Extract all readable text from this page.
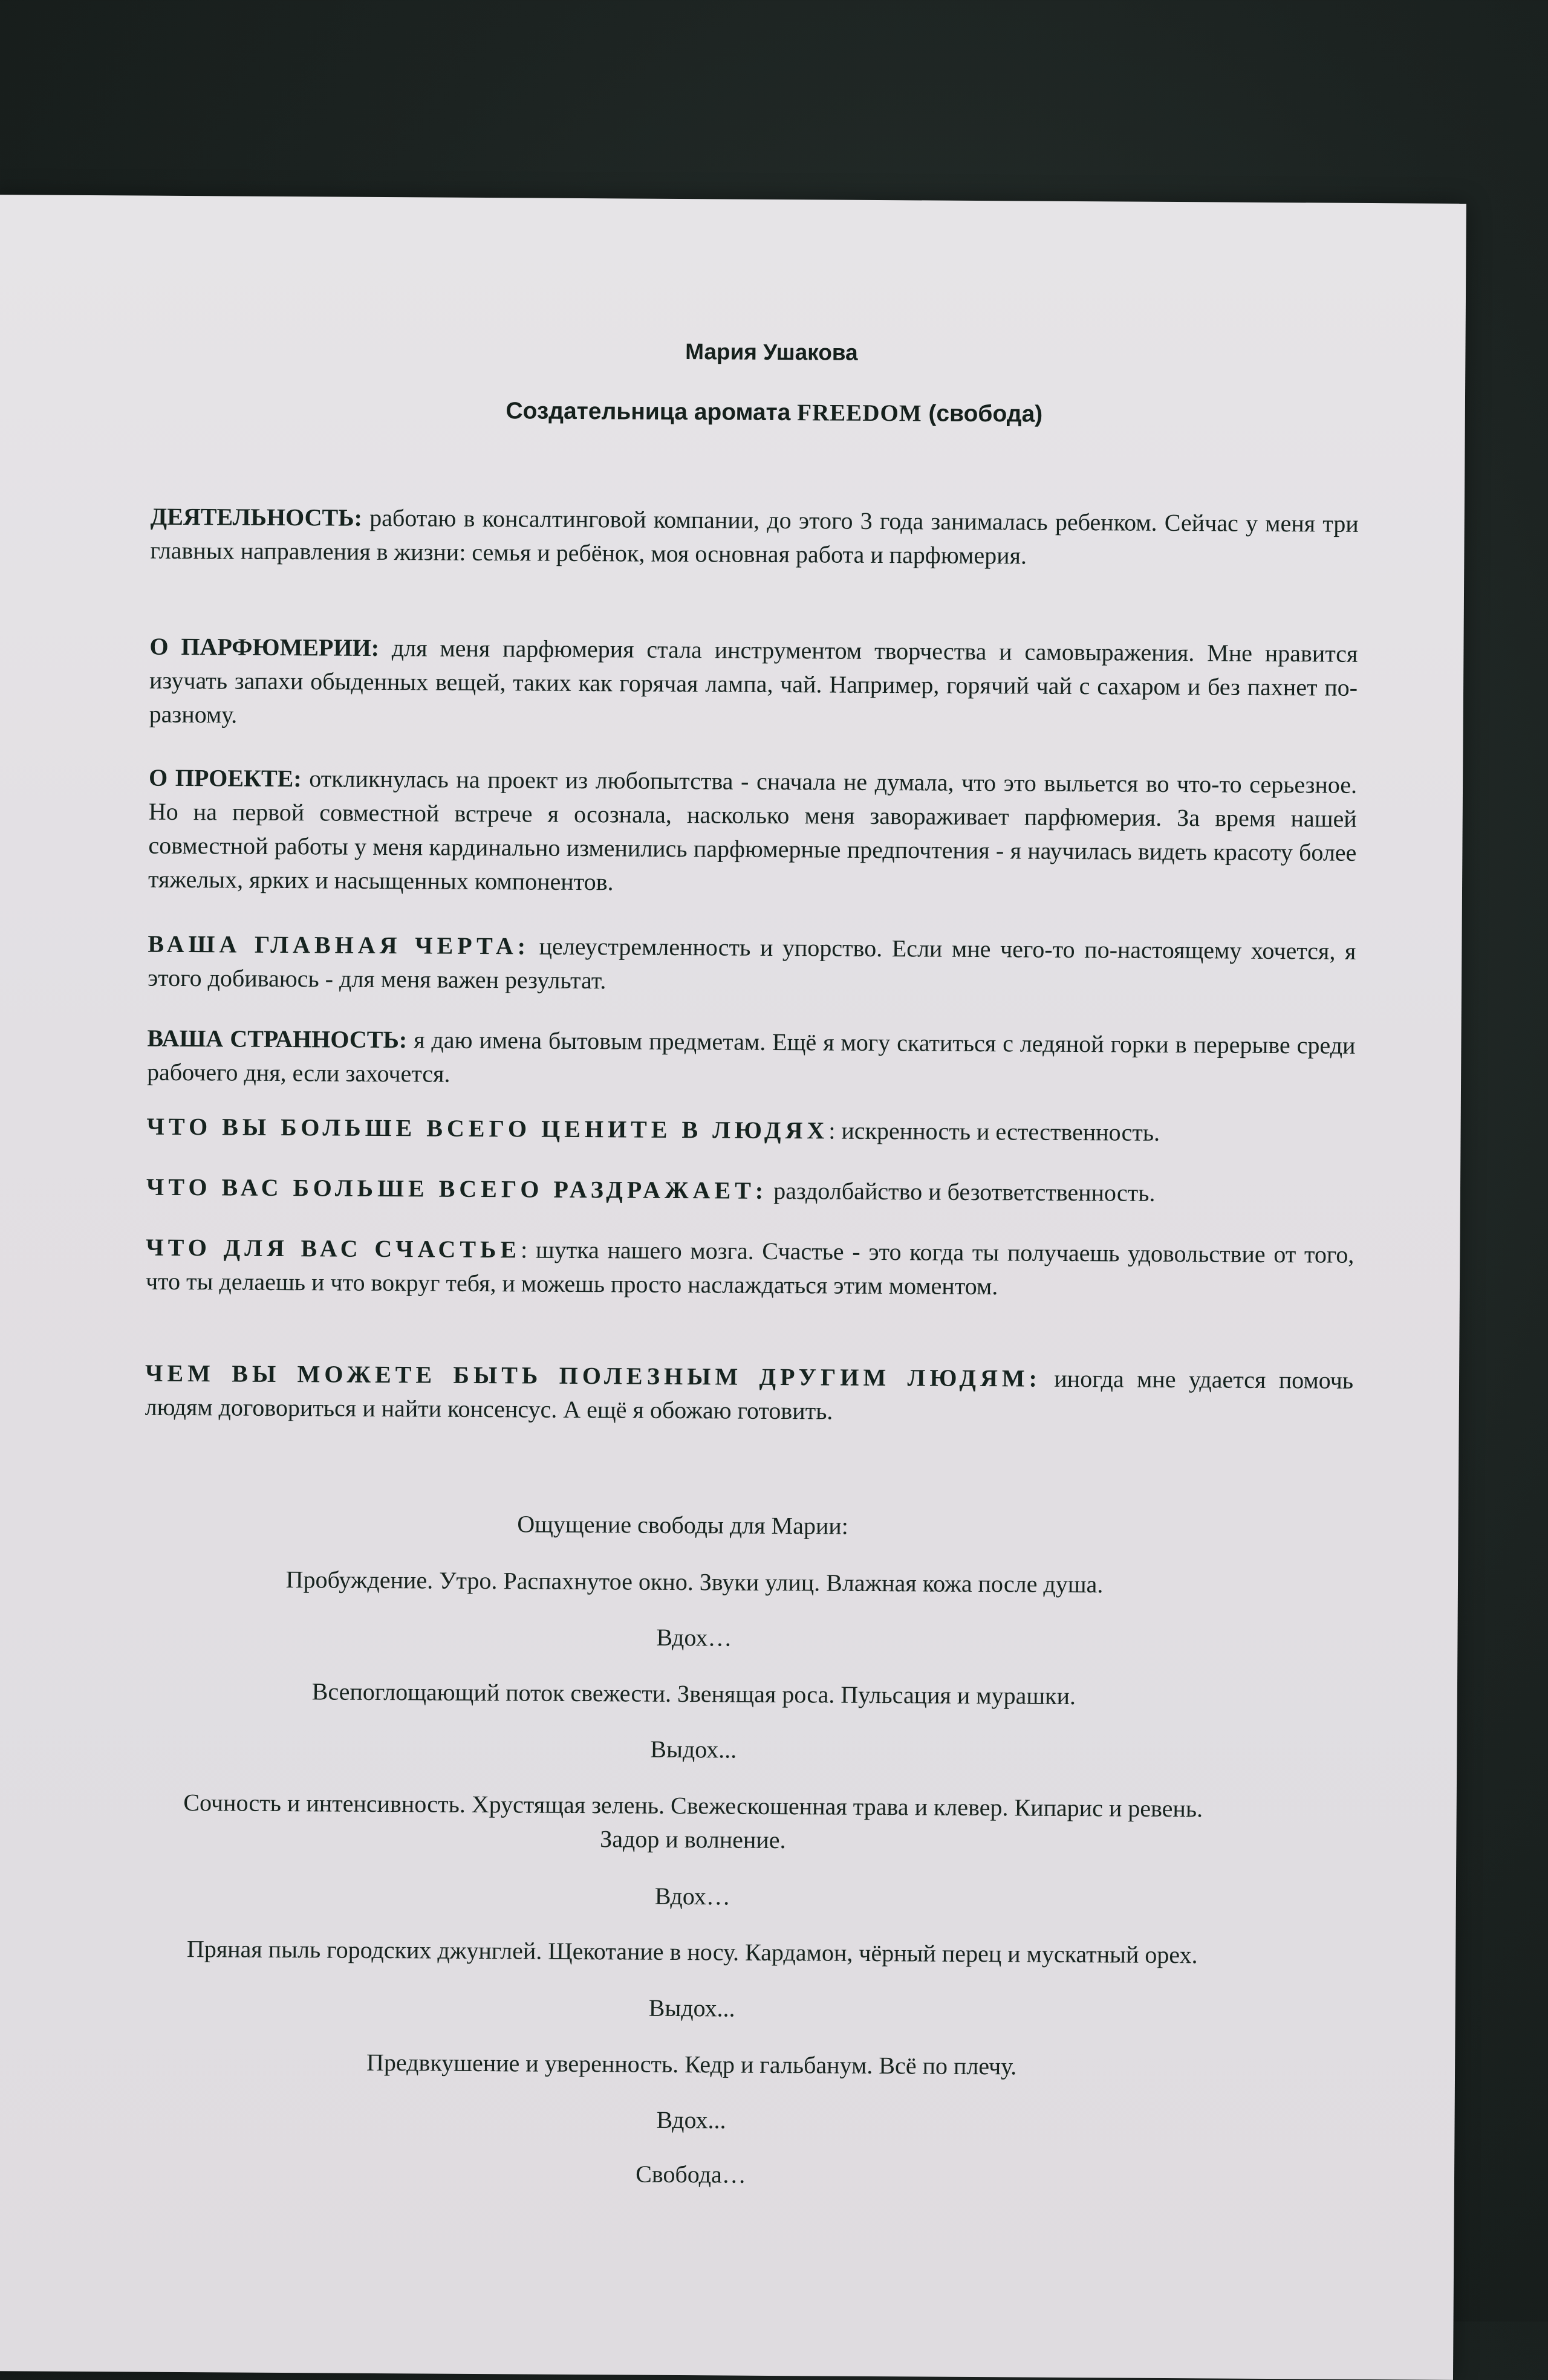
Мария Ушакова
Создательница аромата FREEDOM (свобода)
ДЕЯТЕЛЬНОСТЬ: работаю в консалтинговой компании, до этого 3 года занималась ребенком. Сейчас у меня три главных направления в жизни: семья и ребёнок, моя основная работа и парфюмерия.
О ПАРФЮМЕРИИ: для меня парфюмерия стала инструментом творчества и самовыражения. Мне нравится изучать запахи обыденных вещей, таких как горячая лампа, чай. Например, горячий чай с сахаром и без пахнет по-разному.
О ПРОЕКТЕ: откликнулась на проект из любопытства - сначала не думала, что это выльется во что-то серьезное. Но на первой совместной встрече я осознала, насколько меня завораживает парфюмерия. За время нашей совместной работы у меня кардинально изменились парфюмерные предпочтения - я научилась видеть красоту более тяжелых, ярких и насыщенных компонентов.
ВАША ГЛАВНАЯ ЧЕРТА: целеустремленность и упорство. Если мне чего-то по-настоящему хочется, я этого добиваюсь - для меня важен результат.
ВАША СТРАННОСТЬ: я даю имена бытовым предметам. Ещё я могу скатиться с ледяной горки в перерыве среди рабочего дня, если захочется.
ЧТО ВЫ БОЛЬШЕ ВСЕГО ЦЕНИТЕ В ЛЮДЯХ: искренность и естественность.
ЧТО ВАС БОЛЬШЕ ВСЕГО РАЗДРАЖАЕТ: раздолбайство и безответственность.
ЧТО ДЛЯ ВАС СЧАСТЬЕ: шутка нашего мозга. Счастье - это когда ты получаешь удовольствие от того, что ты делаешь и что вокруг тебя, и можешь просто наслаждаться этим моментом.
ЧЕМ ВЫ МОЖЕТЕ БЫТЬ ПОЛЕЗНЫМ ДРУГИМ ЛЮДЯМ: иногда мне удается помочь людям договориться и найти консенсус. А ещё я обожаю готовить.
Ощущение свободы для Марии:
Пробуждение. Утро. Распахнутое окно. Звуки улиц. Влажная кожа после душа.
Вдох…
Всепоглощающий поток свежести. Звенящая роса. Пульсация и мурашки.
Выдох...
Сочность и интенсивность. Хрустящая зелень. Свежескошенная трава и клевер. Кипарис и ревень.
Задор и волнение.
Вдох…
Пряная пыль городских джунглей. Щекотание в носу. Кардамон, чёрный перец и мускатный орех.
Выдох...
Предвкушение и уверенность. Кедр и гальбанум. Всё по плечу.
Вдох...
Свобода…
